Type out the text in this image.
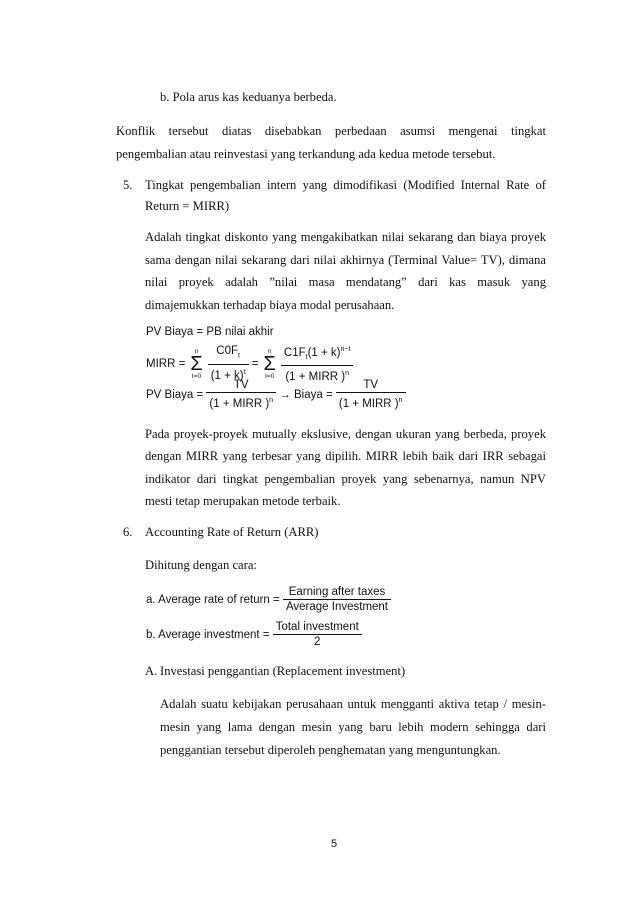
b. Pola arus kas keduanya berbeda.
Konflik tersebut diatas disebabkan perbedaan asumsi mengenai tingkat
pengembalian atau reinvestasi yang terkandung ada kedua metode tersebut.
5. Tingkat pengembalian intern yang dimodifikasi (Modified Internal Rate of
Return = MIRR)
Adalah tingkat diskonto yang mengakibatkan nilai sekarang dan biaya proyek
sama dengan nilai sekarang dari nilai akhirnya (Terminal Value= TV), dimana
nilai proyek adalah ”nilai masa mendatang” dari kas masuk yang
dimajemukkan terhadap biaya modal perusahaan.
PV Biaya = PB nilai akhir
MIRR =
n
Σ
t=0
$\frac{C0F_t}{(1 + k)^t}$ =
n
Σ
t=0
$\frac{C1F_t(1 + k)^{n-t}}{(1 + MIRR )^n}$
PV Biaya = $\frac{TV}{(1 + MIRR )^n}$ → Biaya = $\frac{TV}{(1 + MIRR )^n}$
Pada proyek-proyek mutually ekslusive, dengan ukuran yang berbeda, proyek
dengan MIRR yang terbesar yang dipilih. MIRR lebih baik dari IRR sebagai
indikator dari tingkat pengembalian proyek yang sebenarnya, namun NPV
mesti tetap merupakan metode terbaik.
6. Accounting Rate of Return (ARR)
Dihitung dengan cara:
a. Average rate of return = $\frac{\text{Earning after taxes}}{\text{Average Investment}}$
b. Average investment = $\frac{\text{Total investment}}{2}$
A. Investasi penggantian (Replacement investment)
Adalah suatu kebijakan perusahaan untuk mengganti aktiva tetap / mesin-
mesin yang lama dengan mesin yang baru lebih modern sehingga dari
penggantian tersebut diperoleh penghematan yang menguntungkan.
5
